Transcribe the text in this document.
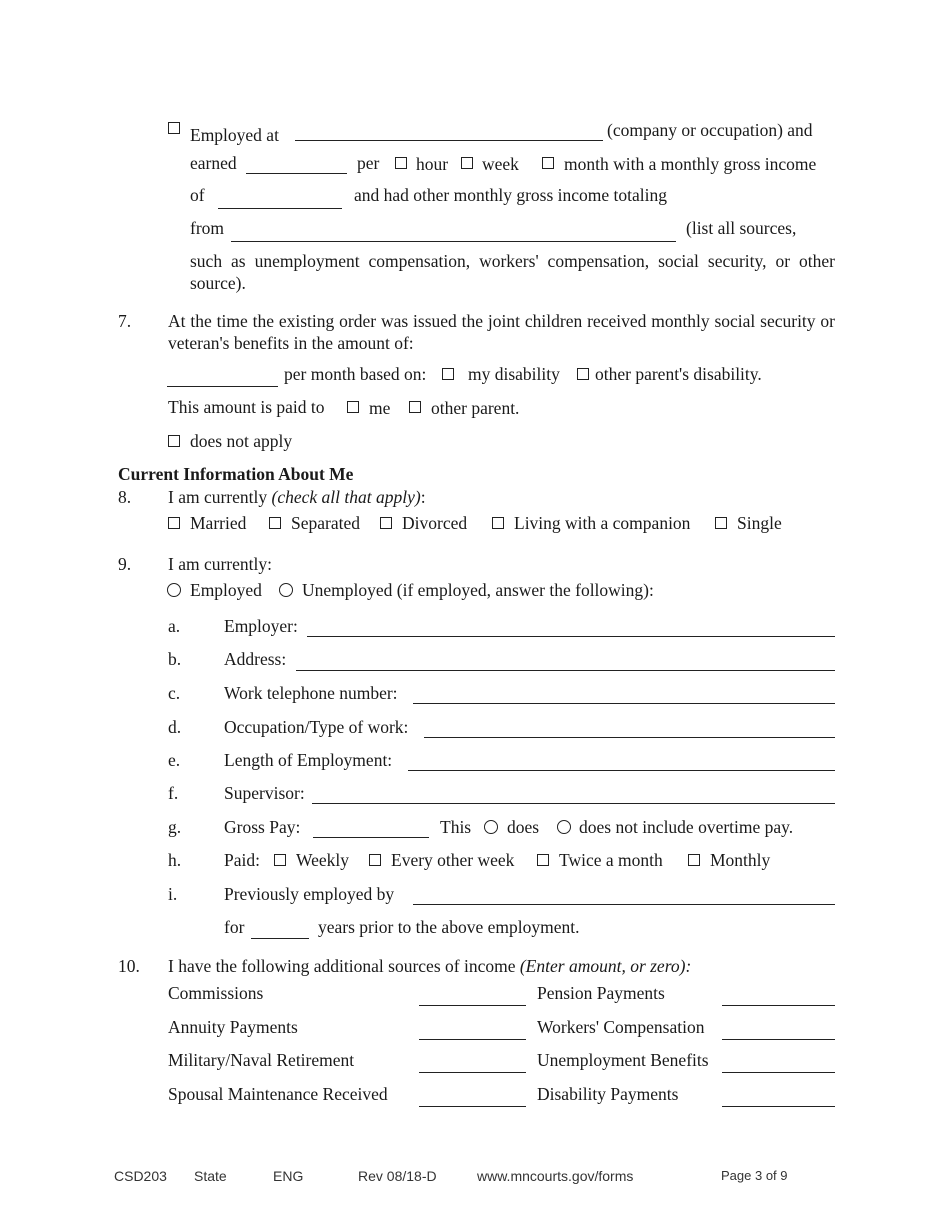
Employed at	(company or occupation) and
earned	per hour week	month with a monthly gross income
of	and had other monthly gross income totaling
from	(list all sources,
such as unemployment compensation, workers' compensation, social security, or other source).
7. At the time the existing order was issued the joint children received monthly social security or veteran's benefits in the amount of:
per month based on: my disability other parent's disability.
This amount is paid to	me other parent.
does not apply
Current Information About Me
8. I am currently (check all that apply):
Married	Separated Divorced	Living with a companion	Single
9. I am currently:
Employed Unemployed (if employed, answer the following):
a.	Employer:
b. Address:
c.	Work telephone number:
d. Occupation/Type of work:
e.	Length of Employment:
f.	Supervisor:
g. Gross Pay:	This does does not include overtime pay.
h. Paid: Weekly Every other week	Twice a month	Monthly
i.	Previously employed by
for	years prior to the above employment.
10. I have the following additional sources of income (Enter amount, or zero):
Commissions	Pension Payments
Annuity Payments	Workers' Compensation
Military/Naval Retirement	Unemployment Benefits
Spousal Maintenance Received	Disability Payments
CSD203 State	ENG	Rev 08/18-D	www.mncourts.gov/forms	Page 3 of 9
